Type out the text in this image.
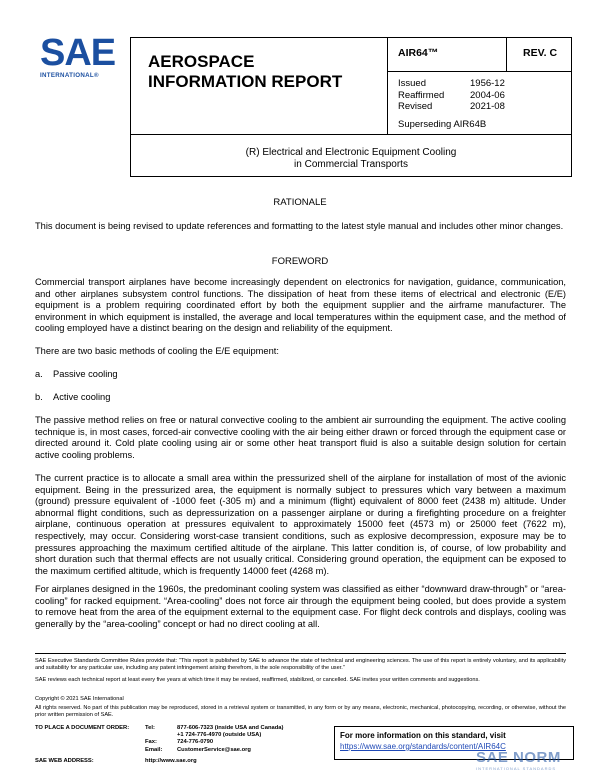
SAE
INTERNATIONAL®
AEROSPACE
INFORMATION REPORT
AIR64™	REV. C
Issued	1956-12
Reaffirmed	2004-06
Revised	2021-08
Superseding AIR64B
(R) Electrical and Electronic Equipment Cooling
in Commercial Transports
RATIONALE
This document is being revised to update references and formatting to the latest style manual and includes other minor changes.
FOREWORD
Commercial transport airplanes have become increasingly dependent on electronics for navigation, guidance, communication, and other airplanes subsystem control functions. The dissipation of heat from these items of electrical and electronic (E/E) equipment is a problem requiring coordinated effort by both the equipment supplier and the airframe manufacturer. The environment in which equipment is installed, the average and local temperatures within the equipment case, and the method of cooling employed have a distinct bearing on the design and reliability of the equipment.
There are two basic methods of cooling the E/E equipment:
a. Passive cooling
b. Active cooling
The passive method relies on free or natural convective cooling to the ambient air surrounding the equipment. The active cooling technique is, in most cases, forced-air convective cooling with the air being either drawn or forced through the equipment case or directed around it. Cold plate cooling using air or some other heat transport fluid is also a suitable design solution for certain active cooling problems.
The current practice is to allocate a small area within the pressurized shell of the airplane for installation of most of the avionic equipment. Being in the pressurized area, the equipment is normally subject to pressures which vary between a maximum (ground) pressure equivalent of -1000 feet (-305 m) and a minimum (flight) equivalent of 8000 feet (2438 m) altitude. Under abnormal flight conditions, such as depressurization on a passenger airplane or during a firefighting procedure on a freighter airplane, continuous operation at pressures equivalent to approximately 15000 feet (4573 m) or 25000 feet (7622 m), respectively, may occur. Considering worst-case transient conditions, such as explosive decompression, exposure may be to pressures approaching the maximum certified altitude of the airplane. This latter condition is, of course, of low probability and short duration such that thermal effects are not usually critical. Considering ground operation, the equipment can be exposed to the maximum certified altitude, which is frequently 14000 feet (4268 m).
For airplanes designed in the 1960s, the predominant cooling system was classified as either “downward draw-through” or “area-cooling” for racked equipment. “Area-cooling” does not force air through the equipment being cooled, but does provide a system to remove heat from the area of the equipment external to the equipment case. For flight deck controls and displays, cooling was generally by the “area-cooling” concept or had no direct cooling at all.
SAE Executive Standards Committee Rules provide that: “This report is published by SAE to advance the state of technical and engineering sciences. The use of this report is entirely voluntary, and its applicability and suitability for any particular use, including any patent infringement arising therefrom, is the sole responsibility of the user.”
SAE reviews each technical report at least every five years at which time it may be revised, reaffirmed, stabilized, or cancelled. SAE invites your written comments and suggestions.
Copyright © 2021 SAE International
All rights reserved. No part of this publication may be reproduced, stored in a retrieval system or transmitted, in any form or by any means, electronic, mechanical, photocopying, recording, or otherwise, without the prior written permission of SAE.
TO PLACE A DOCUMENT ORDER:	Tel:	877-606-7323 (inside USA and Canada)
+1 724-776-4970 (outside USA)
Fax:	724-776-0790
Email:	CustomerService@sae.org
SAE WEB ADDRESS:	http://www.sae.org
For more information on this standard, visit
https://www.sae.org/standards/content/AIR64C
SAE NORM
INTERNATIONAL STANDARDS
